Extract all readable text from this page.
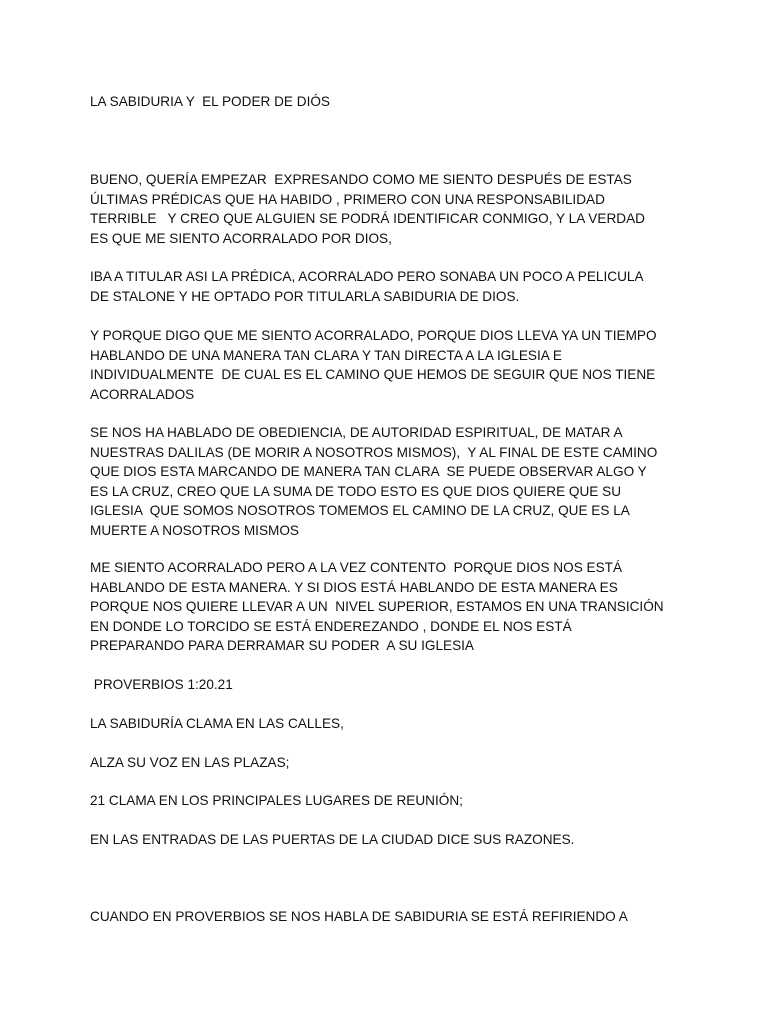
LA SABIDURIA Y  EL PODER DE DIÓS

BUENO, QUERÍA EMPEZAR  EXPRESANDO COMO ME SIENTO DESPUÉS DE ESTAS

ÚLTIMAS PRÉDICAS QUE HA HABIDO , PRIMERO CON UNA RESPONSABILIDAD

TERRIBLE   Y CREO QUE ALGUIEN SE PODRÁ IDENTIFICAR CONMIGO, Y LA VERDAD

ES QUE ME SIENTO ACORRALADO POR DIOS,

IBA A TITULAR ASI LA PRÉDICA, ACORRALADO PERO SONABA UN POCO A PELICULA

DE STALONE Y HE OPTADO POR TITULARLA SABIDURIA DE DIOS.

Y PORQUE DIGO QUE ME SIENTO ACORRALADO, PORQUE DIOS LLEVA YA UN TIEMPO

HABLANDO DE UNA MANERA TAN CLARA Y TAN DIRECTA A LA IGLESIA E

INDIVIDUALMENTE  DE CUAL ES EL CAMINO QUE HEMOS DE SEGUIR QUE NOS TIENE

ACORRALADOS

SE NOS HA HABLADO DE OBEDIENCIA, DE AUTORIDAD ESPIRITUAL, DE MATAR A

NUESTRAS DALILAS (DE MORIR A NOSOTROS MISMOS),  Y AL FINAL DE ESTE CAMINO

QUE DIOS ESTA MARCANDO DE MANERA TAN CLARA  SE PUEDE OBSERVAR ALGO Y

ES LA CRUZ, CREO QUE LA SUMA DE TODO ESTO ES QUE DIOS QUIERE QUE SU

IGLESIA  QUE SOMOS NOSOTROS TOMEMOS EL CAMINO DE LA CRUZ, QUE ES LA

MUERTE A NOSOTROS MISMOS

ME SIENTO ACORRALADO PERO A LA VEZ CONTENTO  PORQUE DIOS NOS ESTÁ

HABLANDO DE ESTA MANERA. Y SI DIOS ESTÁ HABLANDO DE ESTA MANERA ES

PORQUE NOS QUIERE LLEVAR A UN  NIVEL SUPERIOR, ESTAMOS EN UNA TRANSICIÓN

EN DONDE LO TORCIDO SE ESTÁ ENDEREZANDO , DONDE EL NOS ESTÁ

PREPARANDO PARA DERRAMAR SU PODER  A SU IGLESIA

PROVERBIOS 1:20.21

LA SABIDURÍA CLAMA EN LAS CALLES,

ALZA SU VOZ EN LAS PLAZAS;

21 CLAMA EN LOS PRINCIPALES LUGARES DE REUNIÓN;

EN LAS ENTRADAS DE LAS PUERTAS DE LA CIUDAD DICE SUS RAZONES.

CUANDO EN PROVERBIOS SE NOS HABLA DE SABIDURIA SE ESTÁ REFIRIENDO A
